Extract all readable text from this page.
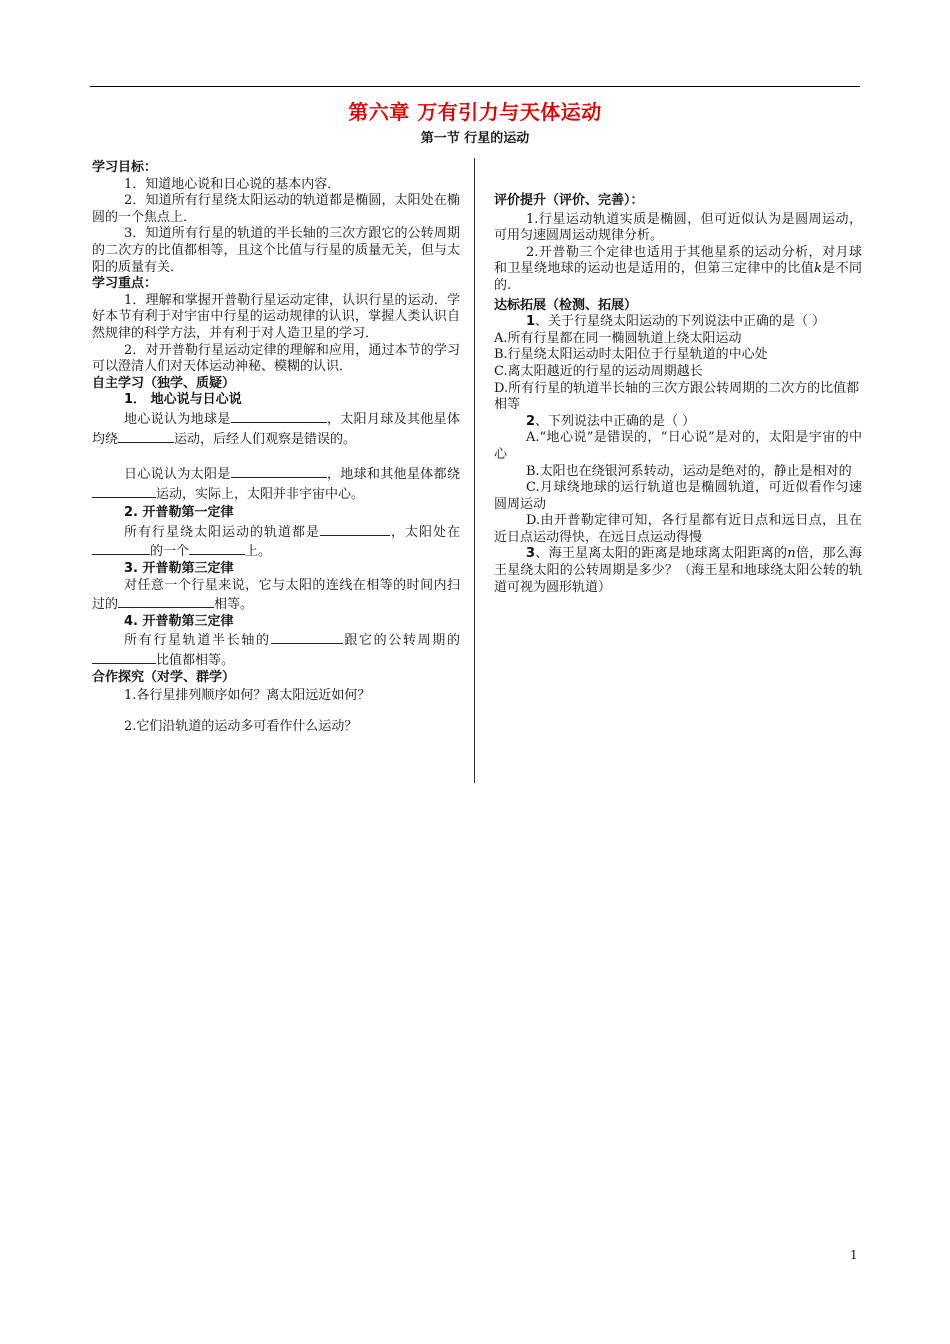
第六章 万有引力与天体运动
第一节 行星的运动
学习目标：
1．知道地心说和日心说的基本内容．
2．知道所有行星绕太阳运动的轨道都是椭圆，太阳处在椭圆的一个焦点上．
3．知道所有行星的轨道的半长轴的三次方跟它的公转周期的二次方的比值都相等，且这个比值与行星的质量无关，但与太阳的质量有关．
学习重点：
1．理解和掌握开普勒行星运动定律，认识行星的运动．学好本节有利于对宇宙中行星的运动规律的认识，掌握人类认识自然规律的科学方法，并有利于对人造卫星的学习．
2．对开普勒行星运动定律的理解和应用，通过本节的学习可以澄清人们对天体运动神秘、模糊的认识．
自主学习（独学、质疑）
1． 地心说与日心说
地心说认为地球是	，太阳月球及其他星体均绕	运动，后经人们观察是错误的。
日心说认为太阳是	，地球和其他星体都绕运动，实际上，太阳并非宇宙中心。
2. 开普勒第一定律
所有行星绕太阳运动的轨道都是	，太阳处在的一个	上。
3. 开普勒第三定律
对任意一个行星来说，它与太阳的连线在相等的时间内扫过的	相等。
4. 开普勒第三定律
所有行星轨道半长轴的	跟它的公转周期的比值都相等。
合作探究（对学、群学）
1.各行星排列顺序如何？离太阳远近如何？
2.它们沿轨道的运动多可看作什么运动？
评价提升（评价、完善）：
1.行星运动轨道实质是椭圆，但可近似认为是圆周运动，可用匀速圆周运动规律分析。
2.开普勒三个定律也适用于其他星系的运动分析，对月球和卫星绕地球的运动也是适用的，但第三定律中的比值k是不同的.
达标拓展（检测、拓展）
1、关于行星绕太阳运动的下列说法中正确的是（ ）
A.所有行星都在同一椭圆轨道上绕太阳运动
B.行星绕太阳运动时太阳位于行星轨道的中心处
C.离太阳越近的行星的运动周期越长
D.所有行星的轨道半长轴的三次方跟公转周期的二次方的比值都相等
2、下列说法中正确的是（ ）
A.“地心说”是错误的，“日心说”是对的，太阳是宇宙的中心
B.太阳也在绕银河系转动，运动是绝对的，静止是相对的
C.月球绕地球的运行轨道也是椭圆轨道，可近似看作匀速圆周运动
D.由开普勒定律可知，各行星都有近日点和远日点，且在近日点运动得快，在远日点运动得慢
3、海王星离太阳的距离是地球离太阳距离的n倍，那么海王星绕太阳的公转周期是多少？（海王星和地球绕太阳公转的轨道可视为圆形轨道）
1
